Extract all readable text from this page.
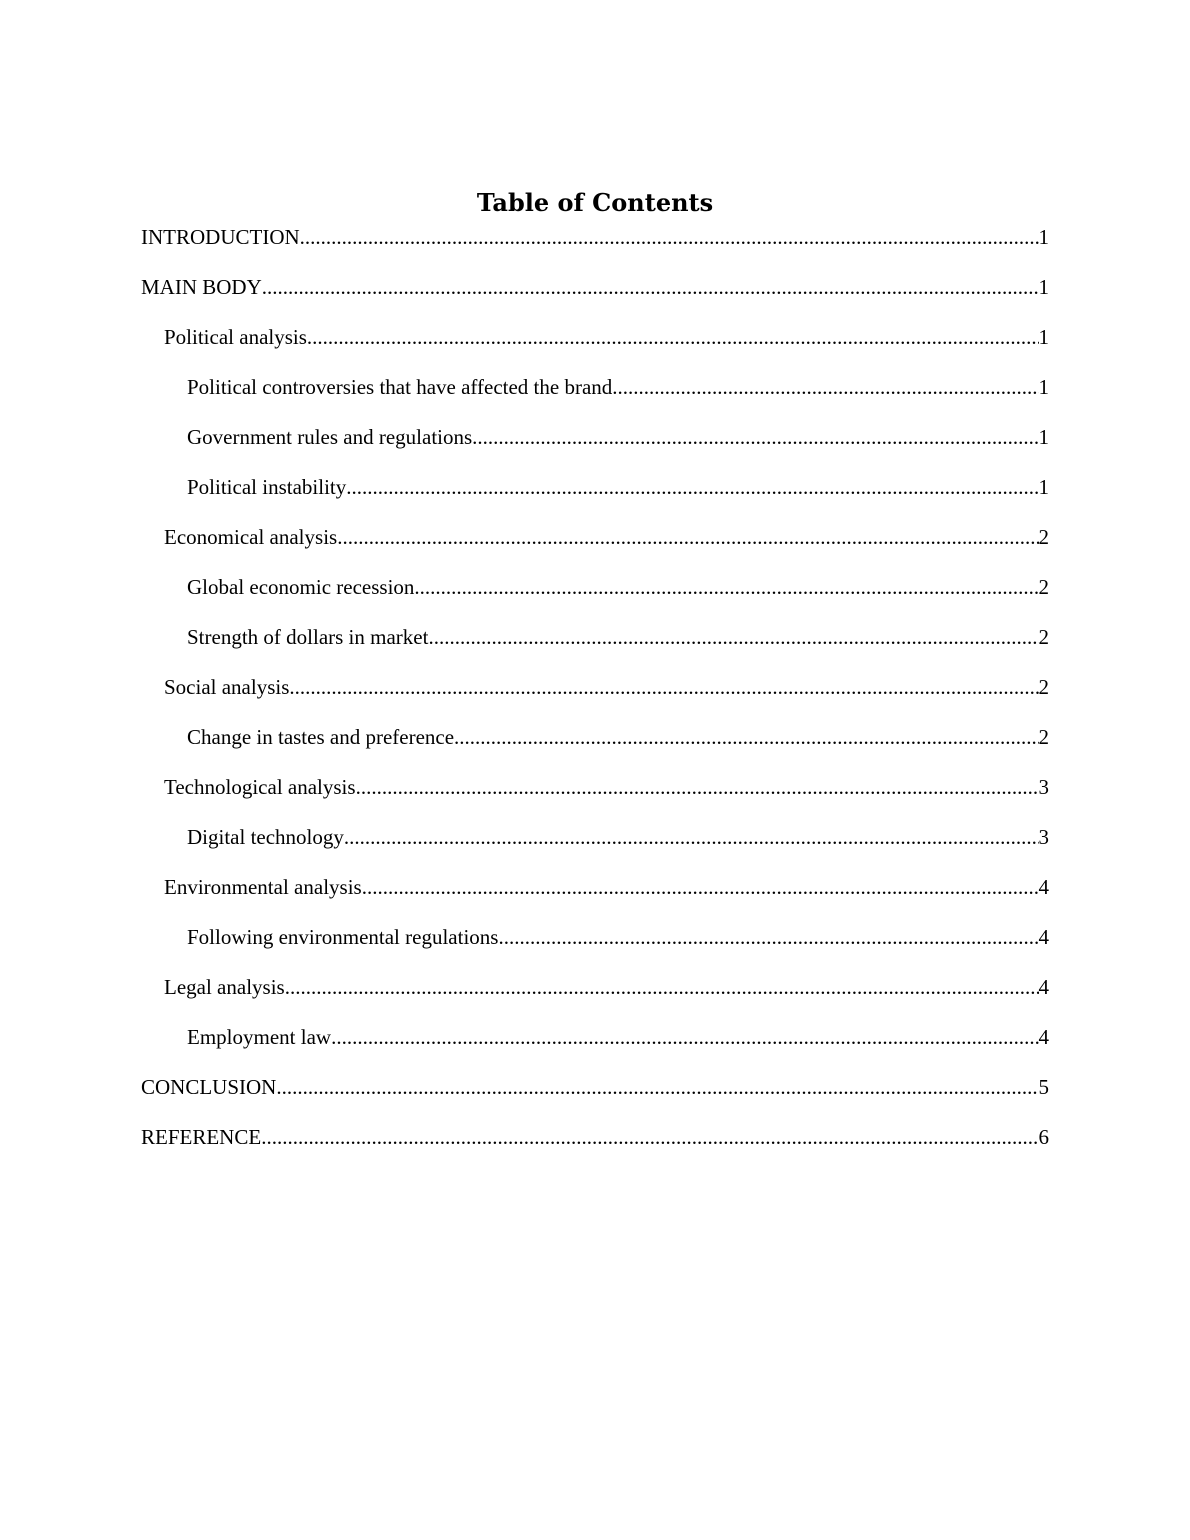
Table of Contents
INTRODUCTION .....	1
MAIN BODY .....	1
Political analysis .....	1
Political controversies that have affected the brand .....	1
Government rules and regulations .....	1
Political instability .....	1
Economical analysis .....	2
Global economic recession .....	2
Strength of dollars in market .....	2
Social analysis .....	2
Change in tastes and preference .....	2
Technological analysis .....	3
Digital technology .....	3
Environmental analysis .....	4
Following environmental regulations .....	4
Legal analysis .....	4
Employment law .....	4
CONCLUSION .....	5
REFERENCE .....	6
